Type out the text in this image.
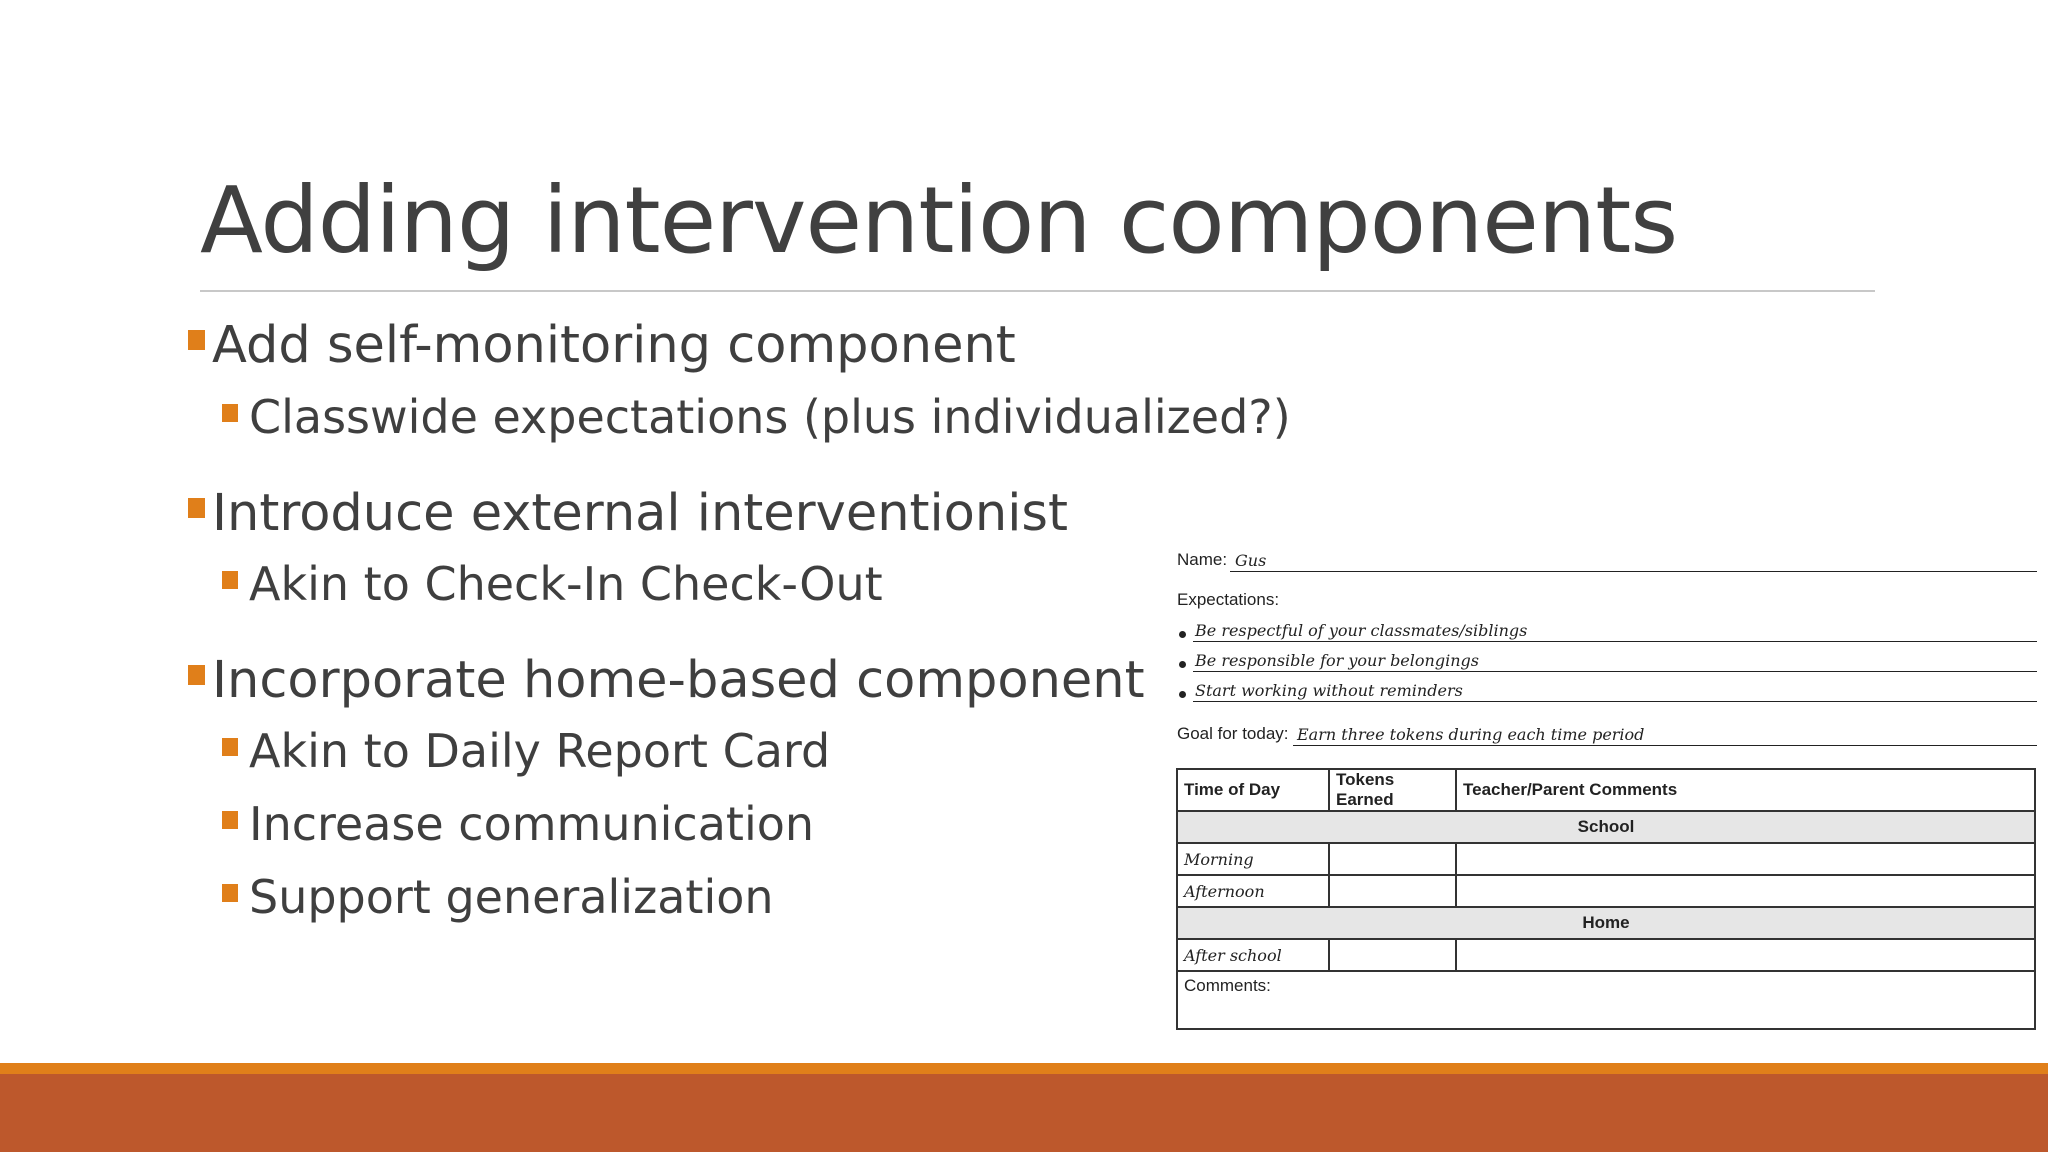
Adding intervention components
Add self-monitoring component
Classwide expectations (plus individualized?)
Introduce external interventionist
Akin to Check-In Check-Out
Incorporate home-based component
Akin to Daily Report Card
Increase communication
Support generalization
Name: Gus
Expectations:
Be respectful of your classmates/siblings
Be responsible for your belongings
Start working without reminders
Goal for today: Earn three tokens during each time period
Time of Day	Tokens Earned	Teacher/Parent Comments
School		
Morning		
Afternoon		
Home		
After school		
Comments:		
